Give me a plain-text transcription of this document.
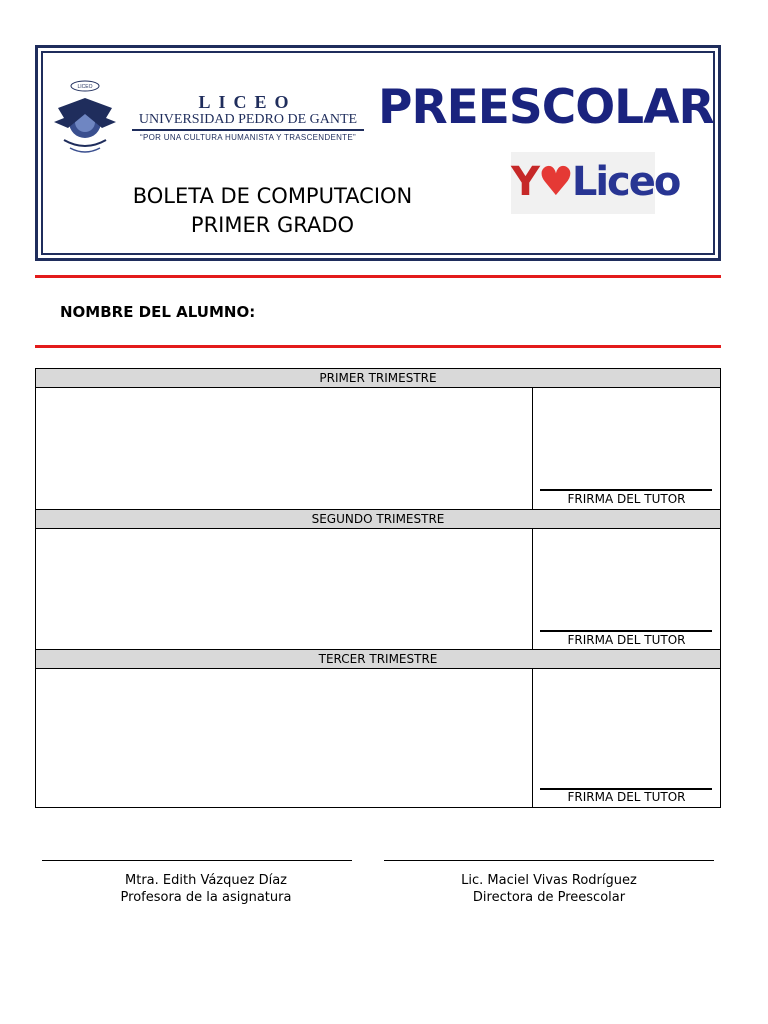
LICEO
LICEO
UNIVERSIDAD PEDRO DE GANTE
“POR UNA CULTURA HUMANISTA Y TRASCENDENTE”
PREESCOLAR
BOLETA DE COMPUTACION
PRIMER GRADO
Y♥Liceo
NOMBRE DEL ALUMNO:
PRIMER TRIMESTRE
FRIRMA DEL TUTOR
SEGUNDO TRIMESTRE
FRIRMA DEL TUTOR
TERCER TRIMESTRE
FRIRMA DEL TUTOR
Mtra. Edith Vázquez Díaz
Profesora de la asignatura
Lic. Maciel Vivas Rodríguez
Directora de Preescolar
